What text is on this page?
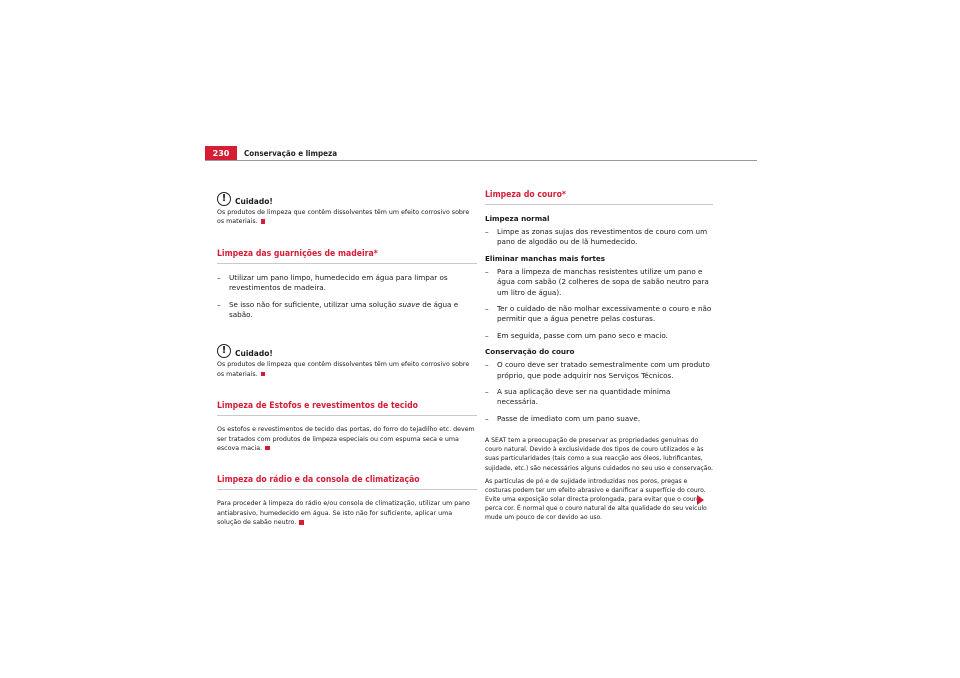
230	Conservação e limpeza
!	Cuidado!

Os produtos de limpeza que contêm dissolventes têm um efeito corrosivo sobre os materiais.

Limpeza das guarnições de madeira*
– Utilizar um pano limpo, humedecido em água para limpar os revestimentos de madeira.
– Se isso não for suficiente, utilizar uma solução suave de água e sabão.
!	Cuidado!

Os produtos de limpeza que contêm dissolventes têm um efeito corrosivo sobre os materiais.

Limpeza de Estofos e revestimentos de tecido

Os estofos e revestimentos de tecido das portas, do forro do tejadilho etc. devem ser tratados com produtos de limpeza especiais ou com espuma seca e uma escova macia.

Limpeza do rádio e da consola de climatização

Para proceder à limpeza do rádio e/ou consola de climatização, utilizar um pano antiabrasivo, humedecido em água. Se isto não for suficiente, aplicar uma solução de sabão neutro.

Limpeza do couro*
Limpeza normal
– Limpe as zonas sujas dos revestimentos de couro com um pano de algodão ou de lã humedecido.
Eliminar manchas mais fortes
– Para a limpeza de manchas resistentes utilize um pano e água com sabão (2 colheres de sopa de sabão neutro para um litro de água).
– Ter o cuidado de não molhar excessivamente o couro e não permitir que a água penetre pelas costuras.
– Em seguida, passe com um pano seco e macio.
Conservação do couro
– O couro deve ser tratado semestralmente com um produto próprio, que pode adquirir nos Serviços Técnicos.
– A sua aplicação deve ser na quantidade mínima necessária.
– Passe de imediato com um pano suave.

A SEAT tem a preocupação de preservar as propriedades genuínas do couro natural. Devido à exclusividade dos tipos de couro utilizados e às suas particularidades (tais como a sua reacção aos óleos, lubrificantes, sujidade, etc.) são necessários alguns cuidados no seu uso e conservação.

As partículas de pó e de sujidade introduzidas nos poros, pregas e costuras podem ter um efeito abrasivo e danificar a superfície do couro. Evite uma exposição solar directa prolongada, para evitar que o couro perca cor. É normal que o couro natural de alta qualidade do seu veículo mude um pouco de cor devido ao uso.
